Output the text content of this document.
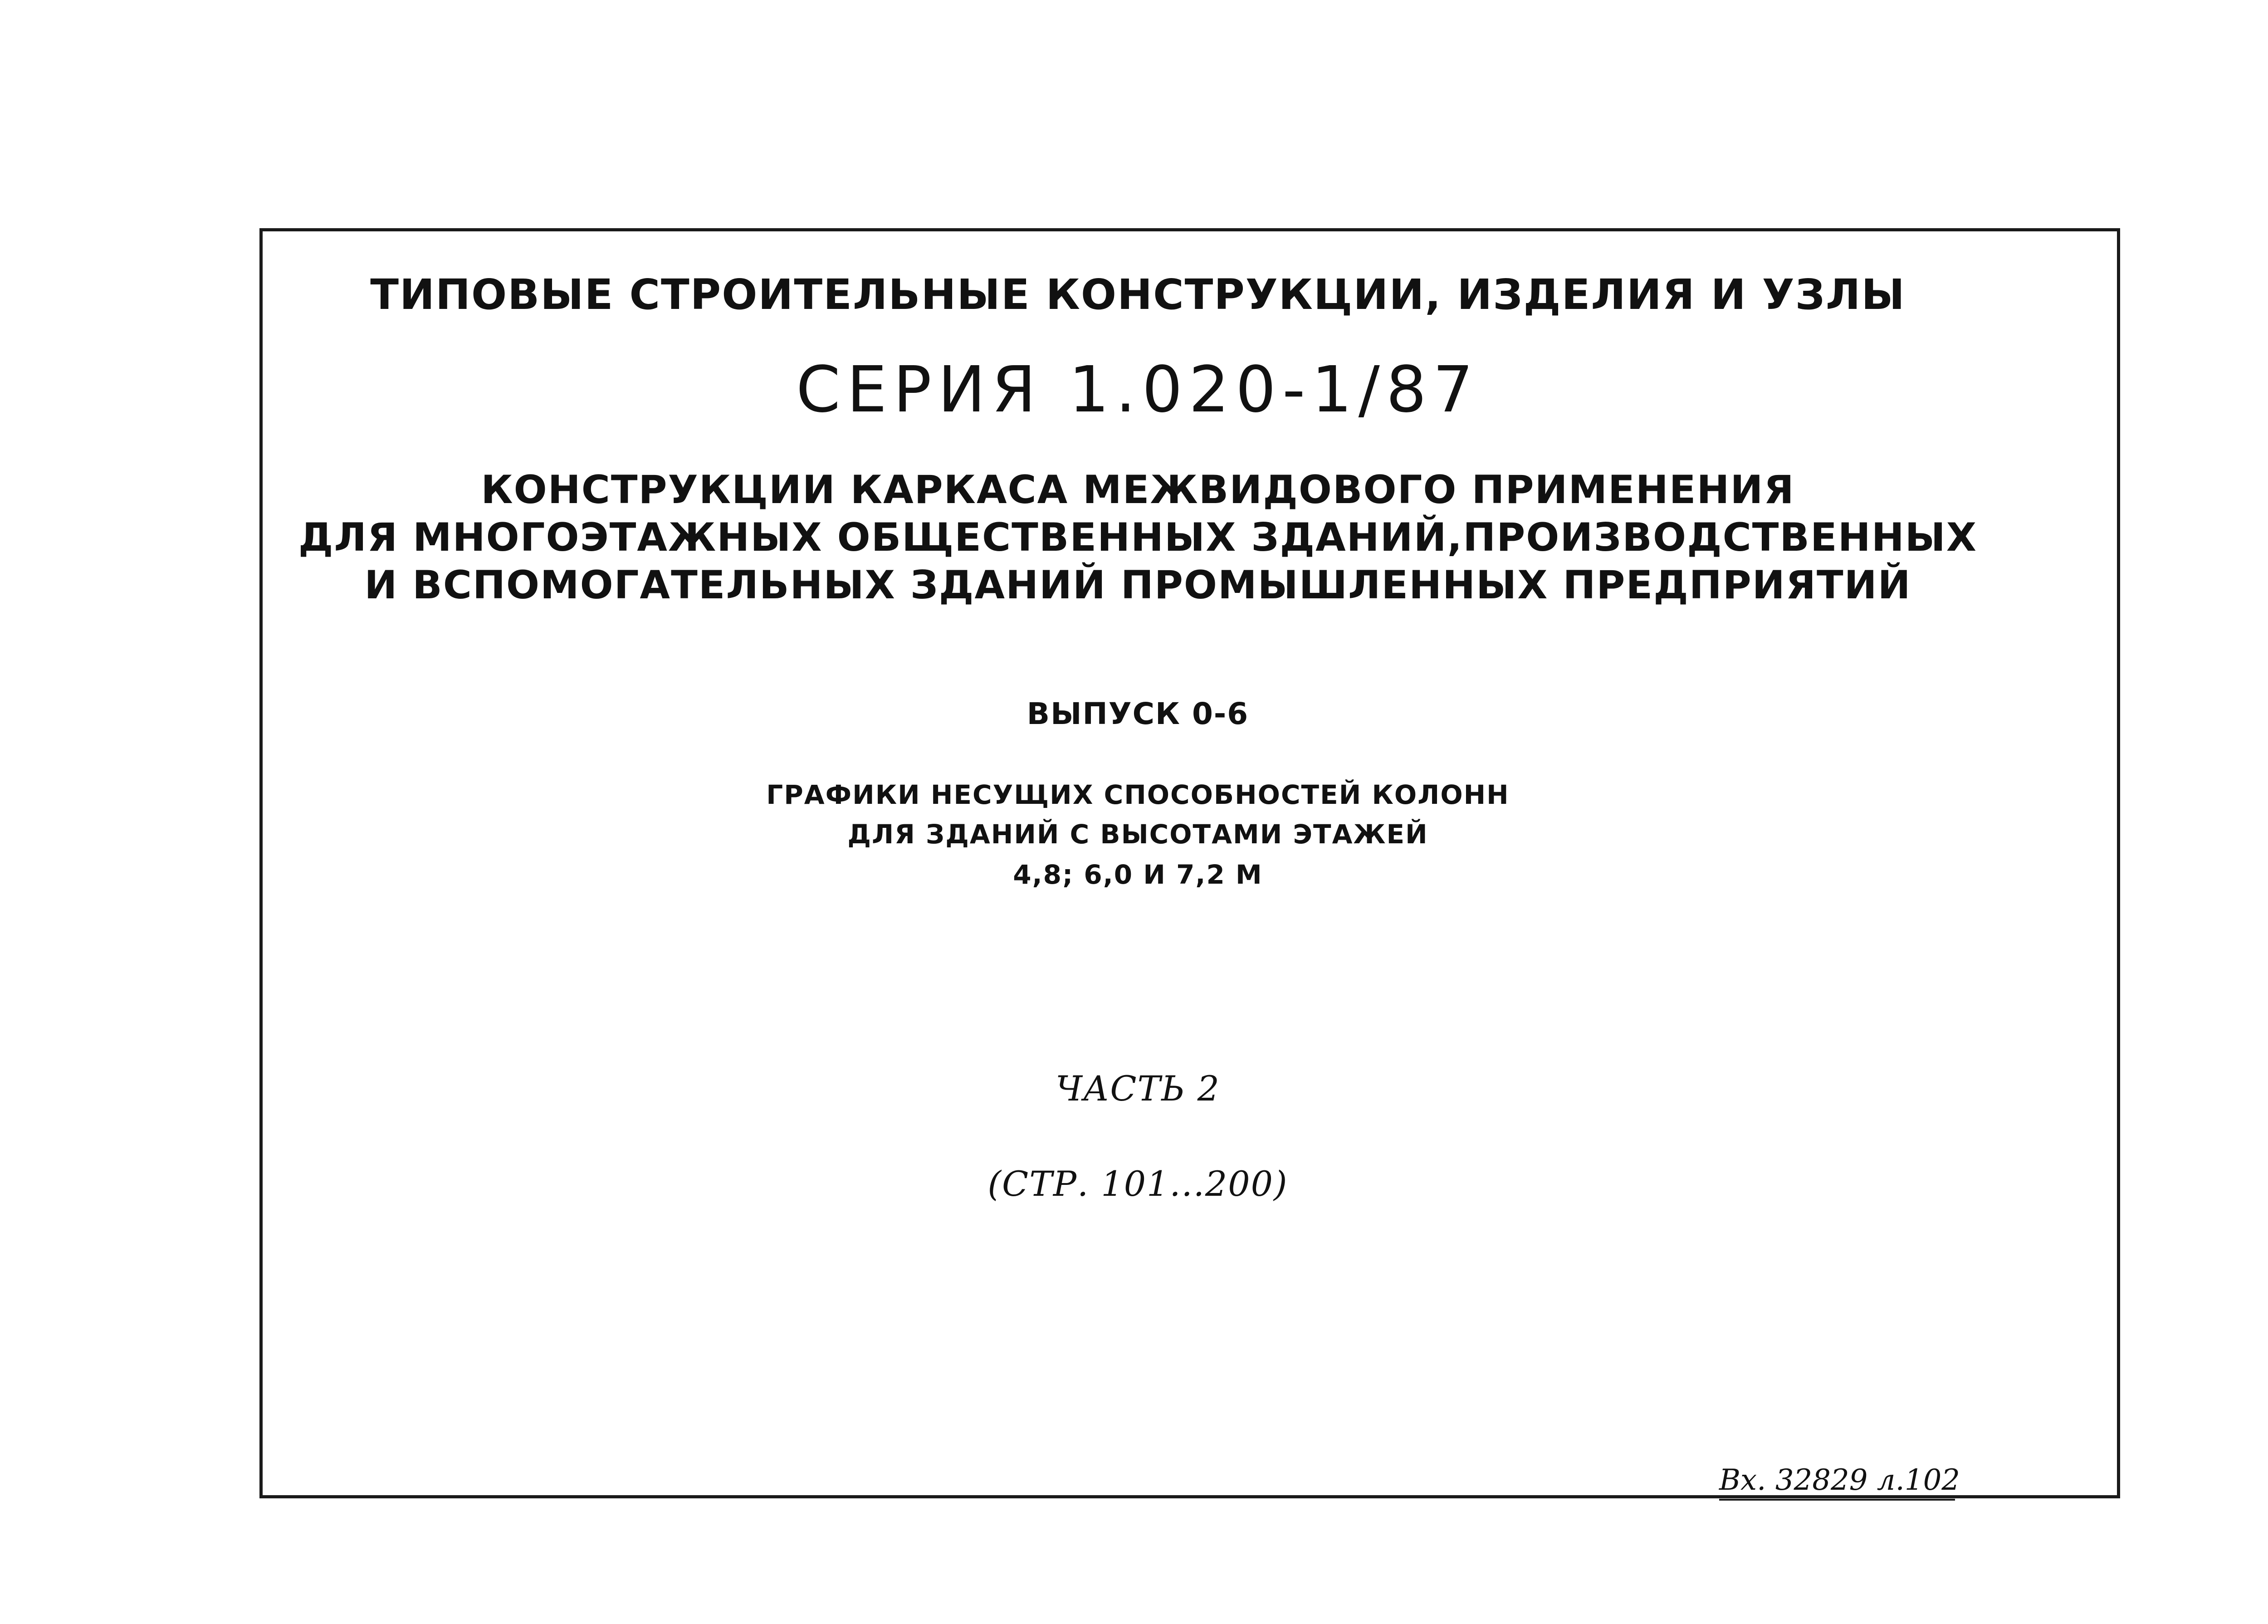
ТИПОВЫЕ СТРОИТЕЛЬНЫЕ КОНСТРУКЦИИ, ИЗДЕЛИЯ И УЗЛЫ
СЕРИЯ 1.020-1/87
КОНСТРУКЦИИ КАРКАСА МЕЖВИДОВОГО ПРИМЕНЕНИЯ
ДЛЯ МНОГОЭТАЖНЫХ ОБЩЕСТВЕННЫХ ЗДАНИЙ,ПРОИЗВОДСТВЕННЫХ
И ВСПОМОГАТЕЛЬНЫХ ЗДАНИЙ ПРОМЫШЛЕННЫХ ПРЕДПРИЯТИЙ
ВЫПУСК 0-6
ГРАФИКИ НЕСУЩИХ СПОСОБНОСТЕЙ КОЛОНН
ДЛЯ ЗДАНИЙ С ВЫСОТАМИ ЭТАЖЕЙ
4,8; 6,0 И 7,2 М
ЧАСТЬ 2
(СТР. 101...200)
Вх. 32829 л.102
